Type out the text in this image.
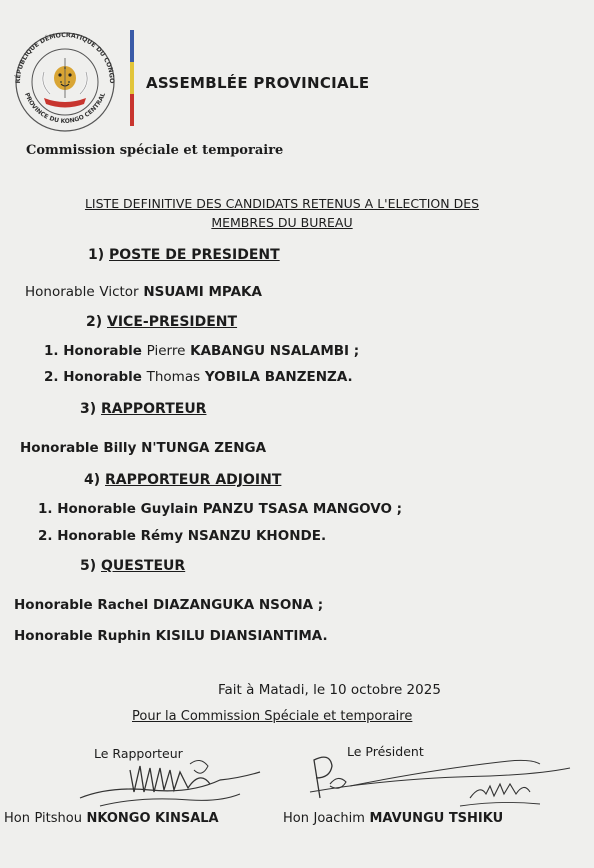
RÉPUBLIQUE DÉMOCRATIQUE DU CONGO
PROVINCE DU KONGO CENTRAL
ASSEMBLÉE PROVINCIALE
Commission spéciale et temporaire
LISTE DEFINITIVE DES CANDIDATS RETENUS A L'ELECTION DES
MEMBRES DU BUREAU
1) POSTE DE PRESIDENT
Honorable Victor NSUAMI MPAKA
2) VICE-PRESIDENT
1. Honorable Pierre KABANGU NSALAMBI ;
2. Honorable Thomas YOBILA BANZENZA.
3) RAPPORTEUR
Honorable Billy N'TUNGA ZENGA
4) RAPPORTEUR ADJOINT
1. Honorable Guylain PANZU TSASA MANGOVO ;
2. Honorable Rémy NSANZU KHONDE.
5) QUESTEUR
Honorable Rachel DIAZANGUKA NSONA ;
Honorable Ruphin KISILU DIANSIANTIMA.
Fait à Matadi, le 10 octobre 2025
Pour la Commission Spéciale et temporaire
Le Rapporteur	Le Président
Hon Pitshou NKONGO KINSALA	Hon Joachim MAVUNGU TSHIKU
